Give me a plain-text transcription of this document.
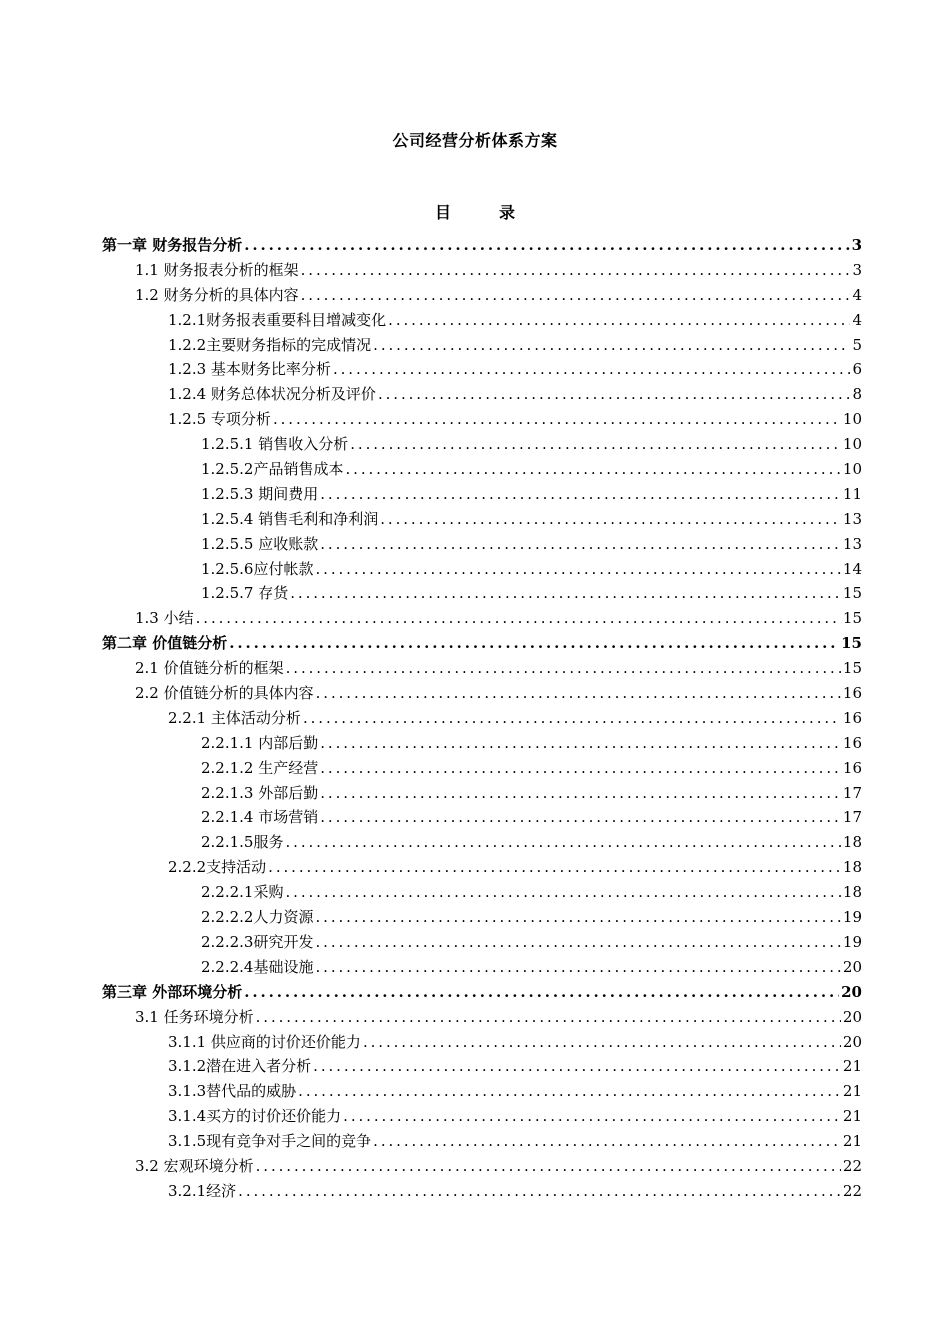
公司经营分析体系方案
目	录
第一章 财务报告分析 .....	3
1.1 财务报表分析的框架 .....	3
1.2 财务分析的具体内容 .....	4
1.2.1财务报表重要科目增减变化 .....	4
1.2.2主要财务指标的完成情况 .....	5
1.2.3 基本财务比率分析 .....	6
1.2.4 财务总体状况分析及评价 .....	8
1.2.5 专项分析 .....	10
1.2.5.1 销售收入分析 .....	10
1.2.5.2产品销售成本 .....	10
1.2.5.3 期间费用 .....	11
1.2.5.4 销售毛利和净利润 .....	13
1.2.5.5 应收账款 .....	13
1.2.5.6应付帐款 .....	14
1.2.5.7 存货 .....	15
1.3 小结 .....	15
第二章 价值链分析 .....	15
2.1 价值链分析的框架 .....	15
2.2 价值链分析的具体内容 .....	16
2.2.1 主体活动分析 .....	16
2.2.1.1 内部后勤 .....	16
2.2.1.2 生产经营 .....	16
2.2.1.3 外部后勤 .....	17
2.2.1.4 市场营销 .....	17
2.2.1.5服务 .....	18
2.2.2支持活动 .....	18
2.2.2.1采购 .....	18
2.2.2.2人力资源 .....	19
2.2.2.3研究开发 .....	19
2.2.2.4基础设施 .....	20
第三章 外部环境分析 .....	20
3.1 任务环境分析 .....	20
3.1.1 供应商的讨价还价能力 .....	20
3.1.2潜在进入者分析 .....	21
3.1.3替代品的威胁 .....	21
3.1.4买方的讨价还价能力 .....	21
3.1.5现有竞争对手之间的竞争 .....	21
3.2 宏观环境分析 .....	22
3.2.1经济 .....	22
